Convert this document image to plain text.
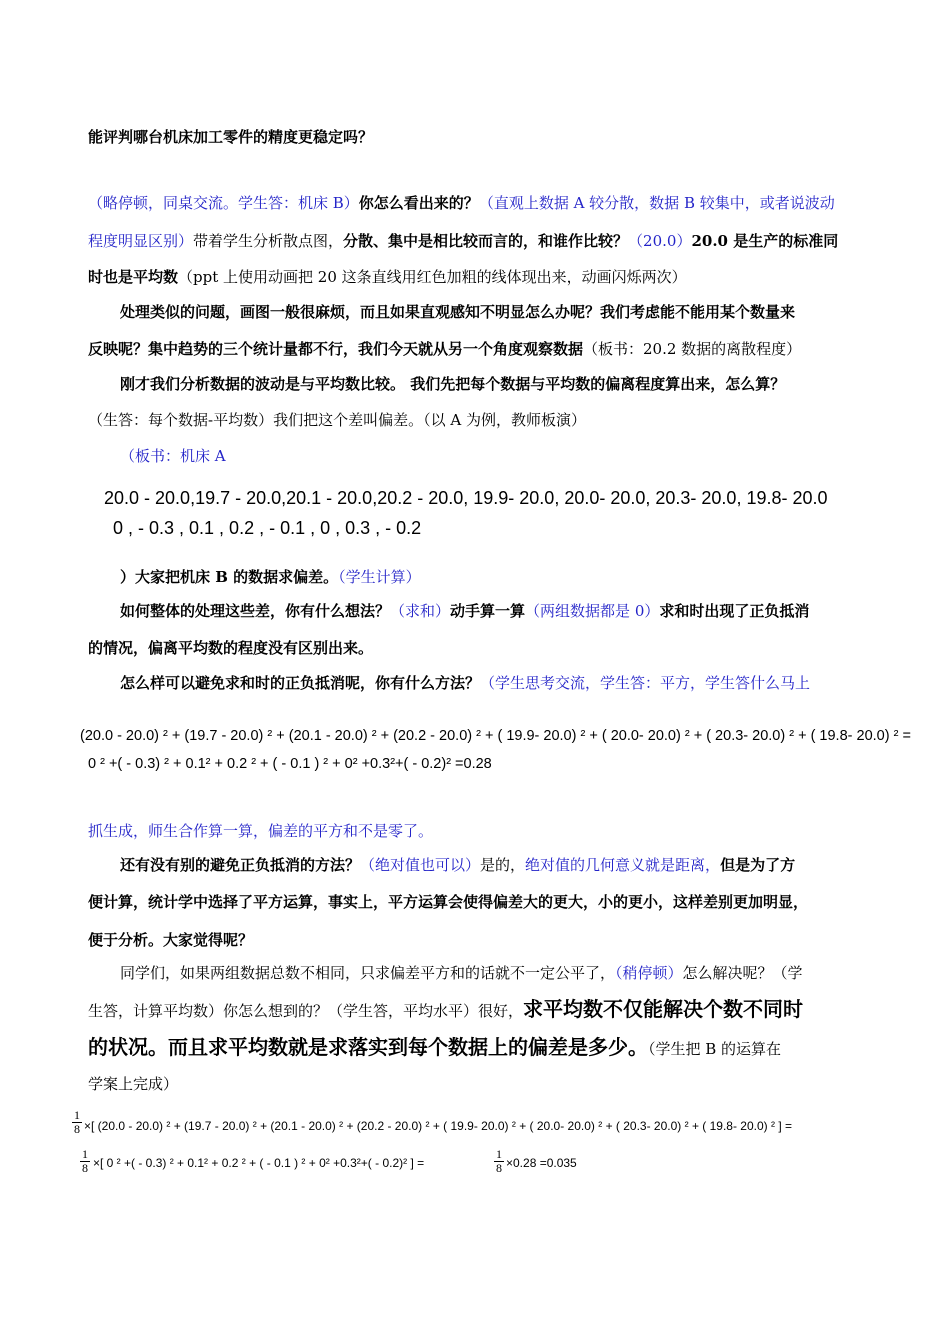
能评判哪台机床加工零件的精度更稳定吗？
（略停顿，同桌交流。学生答：机床 B）你怎么看出来的？（直观上数据 A 较分散，数据 B 较集中，或者说波动
程度明显区别）带着学生分析散点图，分散、集中是相比较而言的，和谁作比较？（20.0）20.0 是生产的标准同
时也是平均数（ppt 上使用动画把 20 这条直线用红色加粗的线体现出来，动画闪烁两次）
处理类似的问题，画图一般很麻烦，而且如果直观感知不明显怎么办呢？我们考虑能不能用某个数量来
反映呢？集中趋势的三个统计量都不行，我们今天就从另一个角度观察数据（板书：20.2 数据的离散程度）
刚才我们分析数据的波动是与平均数比较。 我们先把每个数据与平均数的偏离程度算出来，怎么算？
（生答：每个数据-平均数）我们把这个差叫偏差。（以 A 为例，教师板演）
（板书：机床 A
20.0 - 20.0,19.7 - 20.0,20.1 - 20.0,20.2 - 20.0, 19.9- 20.0, 20.0- 20.0, 20.3- 20.0, 19.8- 20.0
0 , - 0.3 , 0.1 , 0.2 , - 0.1 , 0 , 0.3 , - 0.2
）大家把机床 B 的数据求偏差。（学生计算）
如何整体的处理这些差，你有什么想法？（求和）动手算一算（两组数据都是 0）求和时出现了正负抵消
的情况，偏离平均数的程度没有区别出来。
怎么样可以避免求和时的正负抵消呢，你有什么方法？（学生思考交流，学生答：平方，学生答什么马上
(20.0 - 20.0) ² + (19.7 - 20.0) ² + (20.1 - 20.0) ² + (20.2 - 20.0) ² + ( 19.9- 20.0) ² + ( 20.0- 20.0) ² + ( 20.3- 20.0) ² + ( 19.8- 20.0) ² =
0 ² +( - 0.3) ² + 0.1² + 0.2 ² + ( - 0.1 ) ² + 0² +0.3²+( - 0.2)² =0.28
抓生成，师生合作算一算，偏差的平方和不是零了。
还有没有别的避免正负抵消的方法？（绝对值也可以）是的，绝对值的几何意义就是距离，但是为了方
便计算，统计学中选择了平方运算，事实上，平方运算会使得偏差大的更大，小的更小，这样差别更加明显，
便于分析。大家觉得呢？
同学们，如果两组数据总数不相同，只求偏差平方和的话就不一定公平了，（稍停顿）怎么解决呢？（学
生答，计算平均数）你怎么想到的？（学生答，平均水平）很好，求平均数不仅能解决个数不同时
的状况。而且求平均数就是求落实到每个数据上的偏差是多少。（学生把 B 的运算在
学案上完成）
$\frac{1}{8}$ ×[ (20.0 - 20.0) ² + (19.7 - 20.0) ² + (20.1 - 20.0) ² + (20.2 - 20.0) ² + ( 19.9- 20.0) ² + ( 20.0- 20.0) ² + ( 20.3- 20.0) ² + ( 19.8- 20.0) ² ] =
$\frac{1}{8}$ ×[ 0 ² +( - 0.3) ² + 0.1² + 0.2 ² + ( - 0.1 ) ² + 0² +0.3²+( - 0.2)² ] =	$\frac{1}{8} \times 0.28 =0.035$
